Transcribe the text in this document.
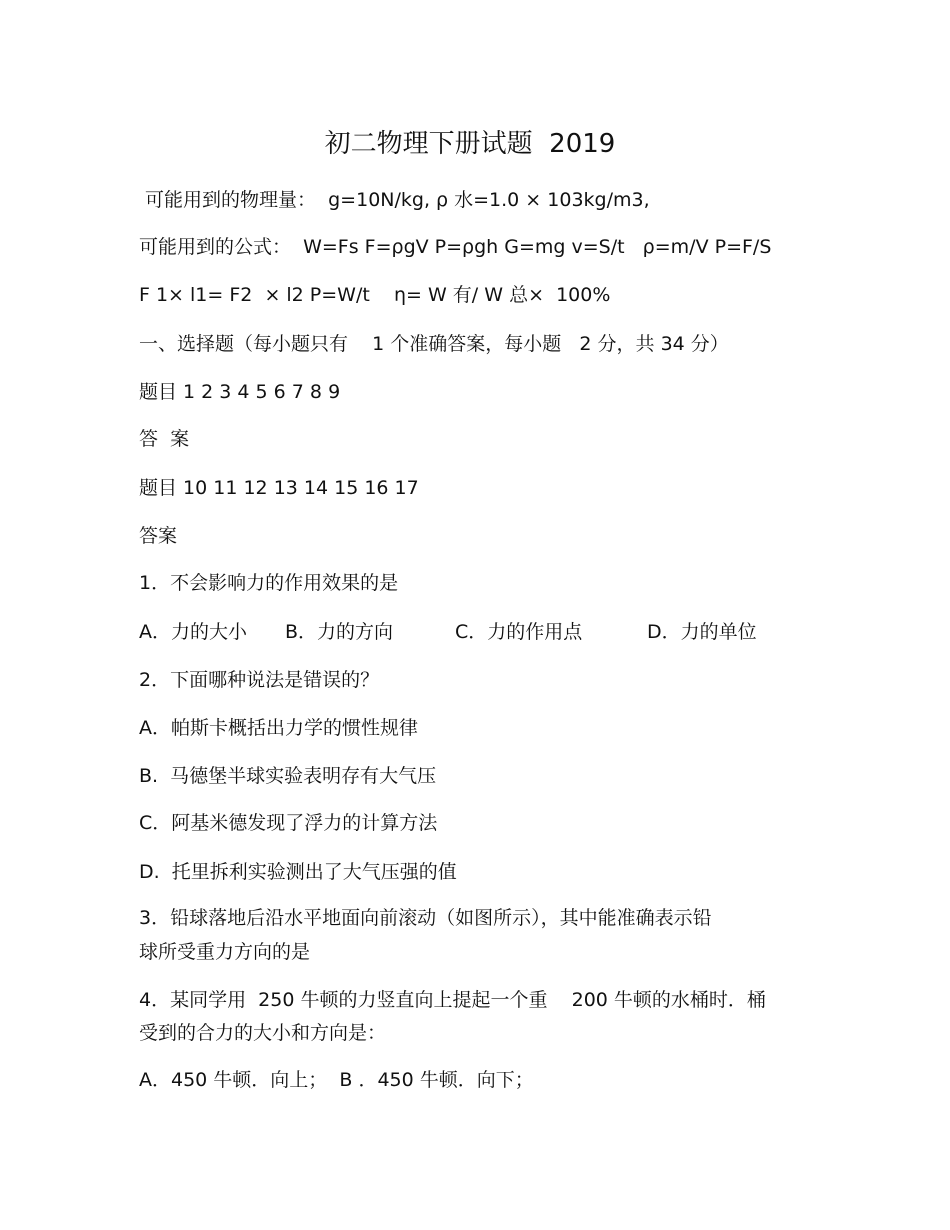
初二物理下册试题  2019
可能用到的物理量：  g=10N/kg, ρ 水=1.0 × 103kg/m3,
可能用到的公式：  W=Fs F=ρgV P=ρgh G=mg v=S/t   ρ=m/V P=F/S
F 1× l1= F2  × l2 P=W/t    η= W 有/ W 总×  100%
一、选择题（每小题只有    1 个准确答案，每小题   2 分，共 34 分）
题目 1 2 3 4 5 6 7 8 9
答  案
题目 10 11 12 13 14 15 16 17
答案
1．不会影响力的作用效果的是
A．力的大小 B．力的方向	C．力的作用点	D．力的单位
2．下面哪种说法是错误的？
A．帕斯卡概括出力学的惯性规律
B.  马德堡半球实验表明存有大气压
C．阿基米德发现了浮力的计算方法
D.  托里拆利实验测出了大气压强的值
3．铅球落地后沿水平地面向前滚动（如图所示），其中能准确表示铅
球所受重力方向的是
4．某同学用  250 牛顿的力竖直向上提起一个重    200 牛顿的水桶时．桶
受到的合力的大小和方向是：
A．450 牛顿．向上；  B ．450 牛顿．向下；
